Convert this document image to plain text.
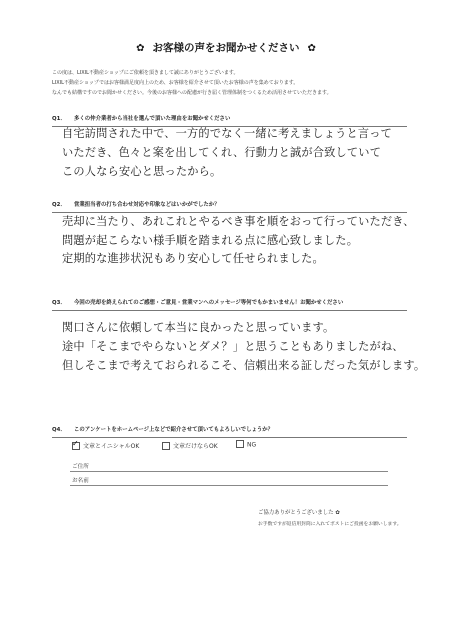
✿ お客様の声をお聞かせください ✿
この度は、LIXIL不動産ショップにご依頼を頂きまして誠にありがとうございます。
LIXIL不動産ショップではお客様満足度向上のため、お客様を紹介させて頂いたお客様の声を集めております。
なんでも結構ですのでお聞かせください。今後のお客様への配慮が行き届く管理体制をつくるため活用させていただきます。
Q1． 多くの仲介業者から当社を選んで頂いた理由をお聞かせください
自宅訪問された中で、一方的でなく一緒に考えましょうと言って
いただき、色々と案を出してくれ、行動力と誠が合致していて
この人なら安心と思ったから。
Q2． 営業担当者の打ち合わせ対応や印象などはいかがでしたか？
売却に当たり、あれこれとやるべき事を順をおって行っていただき、
問題が起こらない様手順を踏まれる点に感心致しました。
定期的な進捗状況もあり安心して任せられました。
Q3． 今回の売却を終えられてのご感想・ご意見・営業マンへのメッセージ等何でもかまいません！お聞かせください
関口さんに依頼して本当に良かったと思っています。
途中「そこまでやらないとダメ？」と思うこともありましたがね、
但しそこまで考えておられるこそ、信頼出来る証しだった気がします。
Q4． このアンケートをホームページ上などで紹介させて頂いてもよろしいでしょうか？
✓文章とイニシャルOK	文章だけならOK	NG
ご住所
お名前
ご協力ありがとうございました ✿
お手数ですが返信用封筒に入れてポストにご投函をお願いします。
